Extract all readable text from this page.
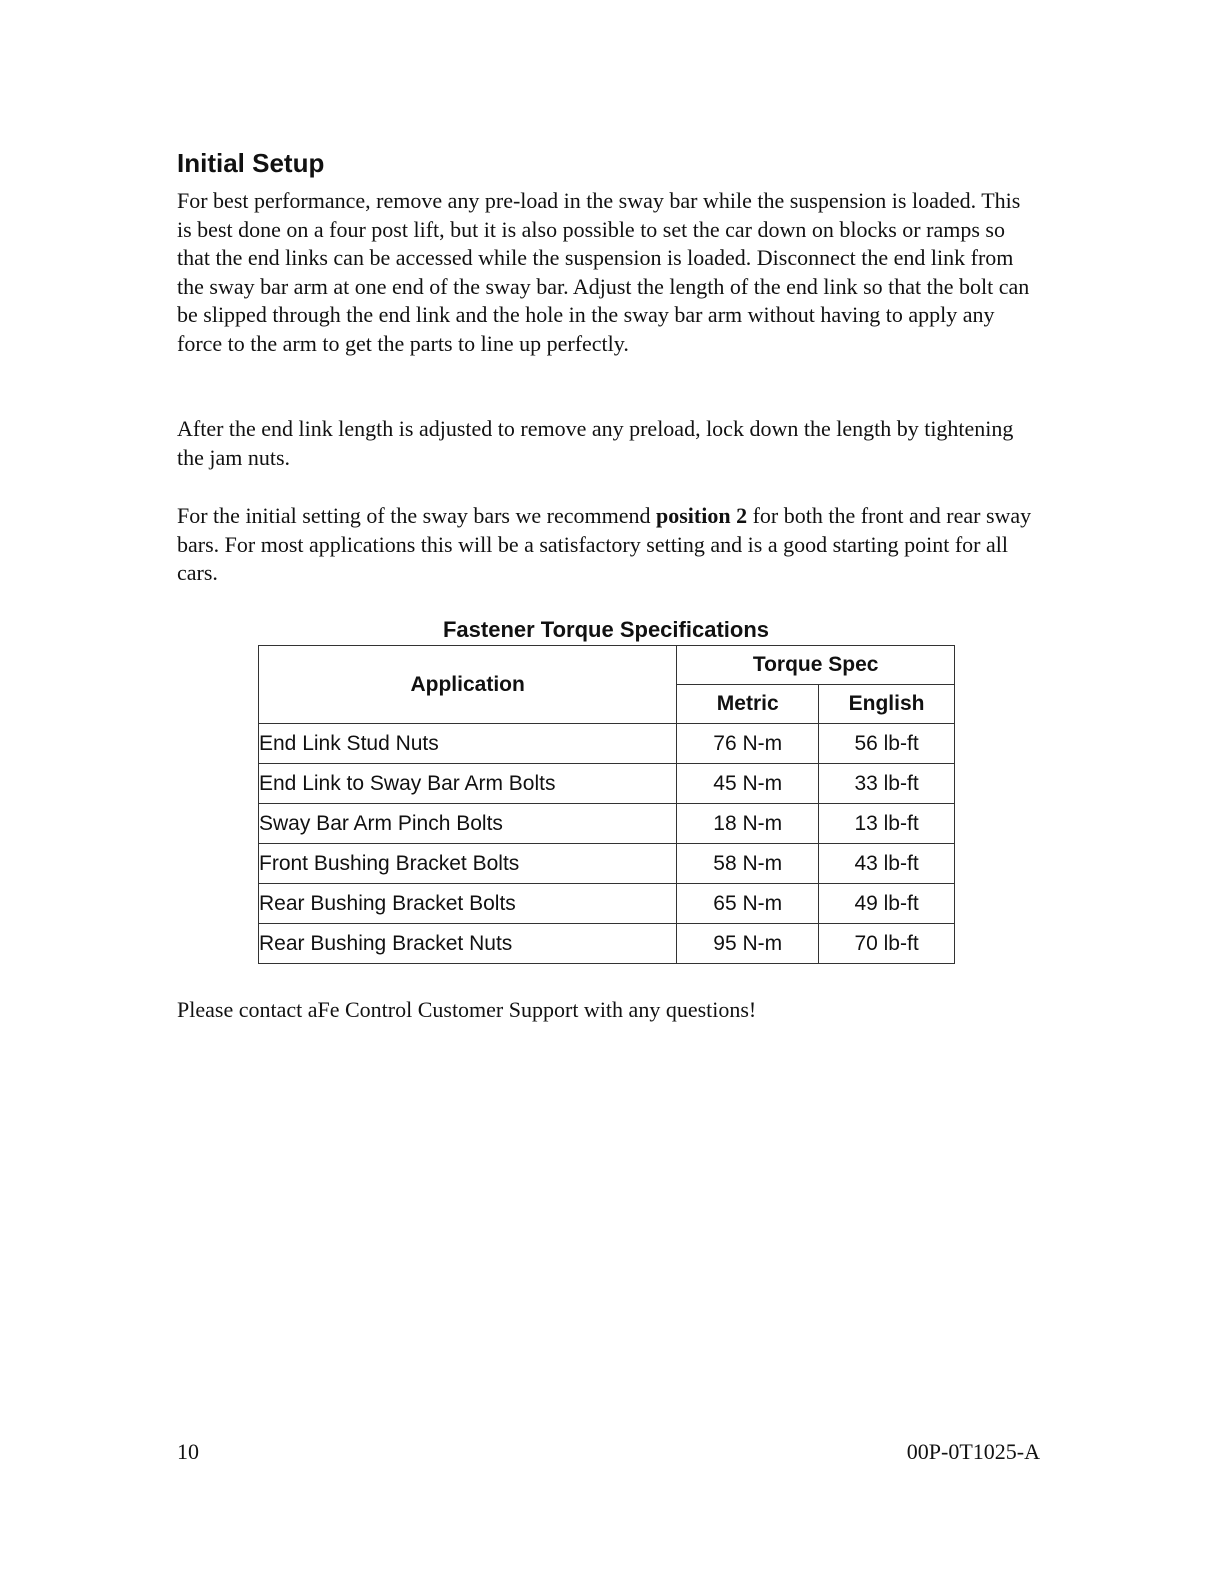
Initial Setup

For best performance, remove any pre-load in the sway bar while the suspension is loaded. This is best done on a four post lift, but it is also possible to set the car down on blocks or ramps so that the end links can be accessed while the suspension is loaded. Disconnect the end link from the sway bar arm at one end of the sway bar. Adjust the length of the end link so that the bolt can be slipped through the end link and the hole in the sway bar arm without having to apply any force to the arm to get the parts to line up perfectly.

After the end link length is adjusted to remove any preload, lock down the length by tightening the jam nuts.

For the initial setting of the sway bars we recommend position 2 for both the front and rear sway bars. For most applications this will be a satisfactory setting and is a good starting point for all cars.

Fastener Torque Specifications

Application	Torque Spec	
	Metric	English
End Link Stud Nuts	76 N-m	56 lb-ft
End Link to Sway Bar Arm Bolts	45 N-m	33 lb-ft
Sway Bar Arm Pinch Bolts	18 N-m	13 lb-ft
Front Bushing Bracket Bolts	58 N-m	43 lb-ft
Rear Bushing Bracket Bolts	65 N-m	49 lb-ft
Rear Bushing Bracket Nuts	95 N-m	70 lb-ft

Please contact aFe Control Customer Support with any questions!

10	00P-0T1025-A
